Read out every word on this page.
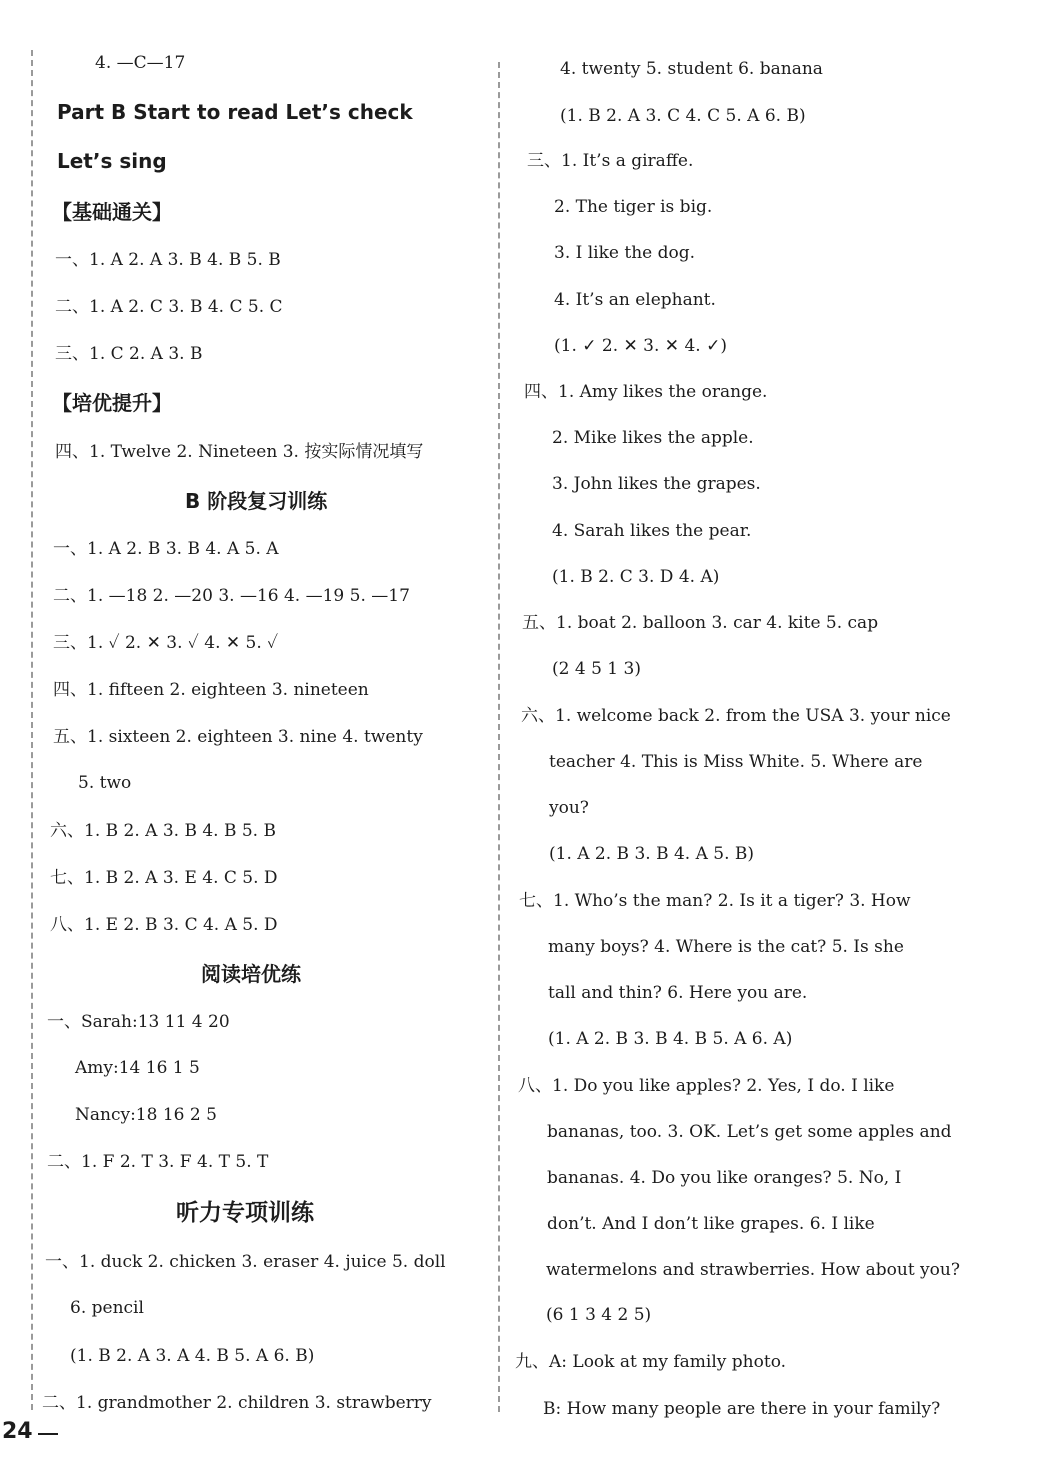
4. —C—17
Part B Start to read Let’s check
Let’s sing
【基础通关】
一、1. A 2. A 3. B 4. B 5. B
二、1. A 2. C 3. B 4. C 5. C
三、1. C 2. A 3. B
【培优提升】
四、1. Twelve 2. Nineteen 3. 按实际情况填写
B 阶段复习训练
一、1. A 2. B 3. B 4. A 5. A
二、1. —18 2. —20 3. —16 4. —19 5. —17
三、1. ✓ 2. ✕ 3. ✓ 4. ✕ 5. ✓
四、1. fifteen 2. eighteen 3. nineteen
五、1. sixteen 2. eighteen 3. nine 4. twenty
5. two
六、1. B 2. A 3. B 4. B 5. B
七、1. B 2. A 3. E 4. C 5. D
八、1. E 2. B 3. C 4. A 5. D
阅读培优练
一、Sarah:13 11 4 20
Amy:14 16 1 5
Nancy:18 16 2 5
二、1. F 2. T 3. F 4. T 5. T
听力专项训练
一、1. duck 2. chicken 3. eraser 4. juice 5. doll
6. pencil
(1. B 2. A 3. A 4. B 5. A 6. B)
二、1. grandmother 2. children 3. strawberry
4. twenty 5. student 6. banana
(1. B 2. A 3. C 4. C 5. A 6. B)
三、1. It’s a giraffe.
2. The tiger is big.
3. I like the dog.
4. It’s an elephant.
(1. ✓ 2. ✕ 3. ✕ 4. ✓)
四、1. Amy likes the orange.
2. Mike likes the apple.
3. John likes the grapes.
4. Sarah likes the pear.
(1. B 2. C 3. D 4. A)
五、1. boat 2. balloon 3. car 4. kite 5. cap
(2 4 5 1 3)
六、1. welcome back 2. from the USA 3. your nice
teacher 4. This is Miss White. 5. Where are
you?
(1. A 2. B 3. B 4. A 5. B)
七、1. Who’s the man? 2. Is it a tiger? 3. How
many boys? 4. Where is the cat? 5. Is she
tall and thin? 6. Here you are.
(1. A 2. B 3. B 4. B 5. A 6. A)
八、1. Do you like apples? 2. Yes, I do. I like
bananas, too. 3. OK. Let’s get some apples and
bananas. 4. Do you like oranges? 5. No, I
don’t. And I don’t like grapes. 6. I like
watermelons and strawberries. How about you?
(6 1 3 4 2 5)
九、A: Look at my family photo.
B: How many people are there in your family?
24
